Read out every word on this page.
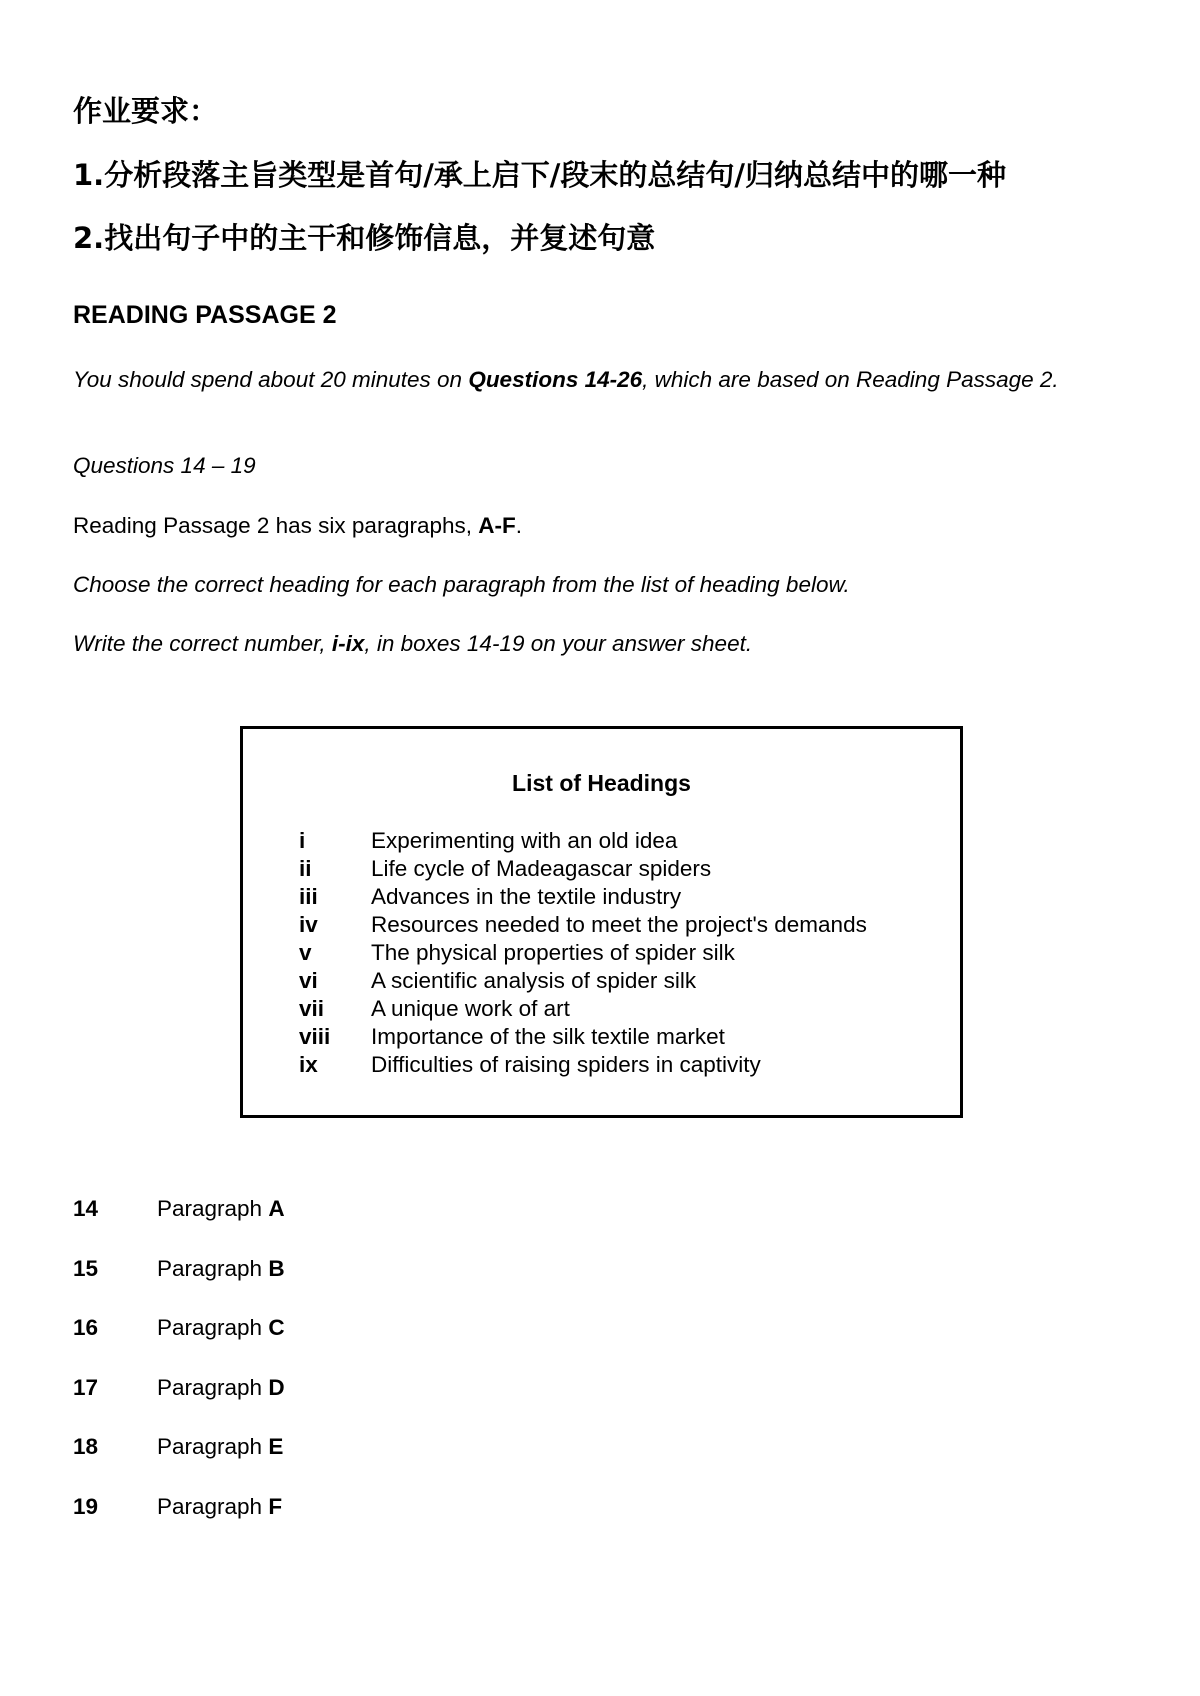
作业要求：
1.分析段落主旨类型是首句/承上启下/段末的总结句/归纳总结中的哪一种
2.找出句子中的主干和修饰信息，并复述句意
READING PASSAGE 2
You should spend about 20 minutes on Questions 14-26, which are based on Reading Passage 2.
Questions 14 – 19
Reading Passage 2 has six paragraphs, A-F.
Choose the correct heading for each paragraph from the list of heading below.
Write the correct number, i-ix, in boxes 14-19 on your answer sheet.
List of Headings
i	Experimenting with an old idea
ii	Life cycle of Madeagascar spiders
iii Advances in the textile industry
iv Resources needed to meet the project's demands
v	The physical properties of spider silk
vi A scientific analysis of spider silk
vii A unique work of art
viii Importance of the silk textile market
ix Difficulties of raising spiders in captivity
14	Paragraph A
15	Paragraph B
16	Paragraph C
17	Paragraph D
18	Paragraph E
19	Paragraph F
